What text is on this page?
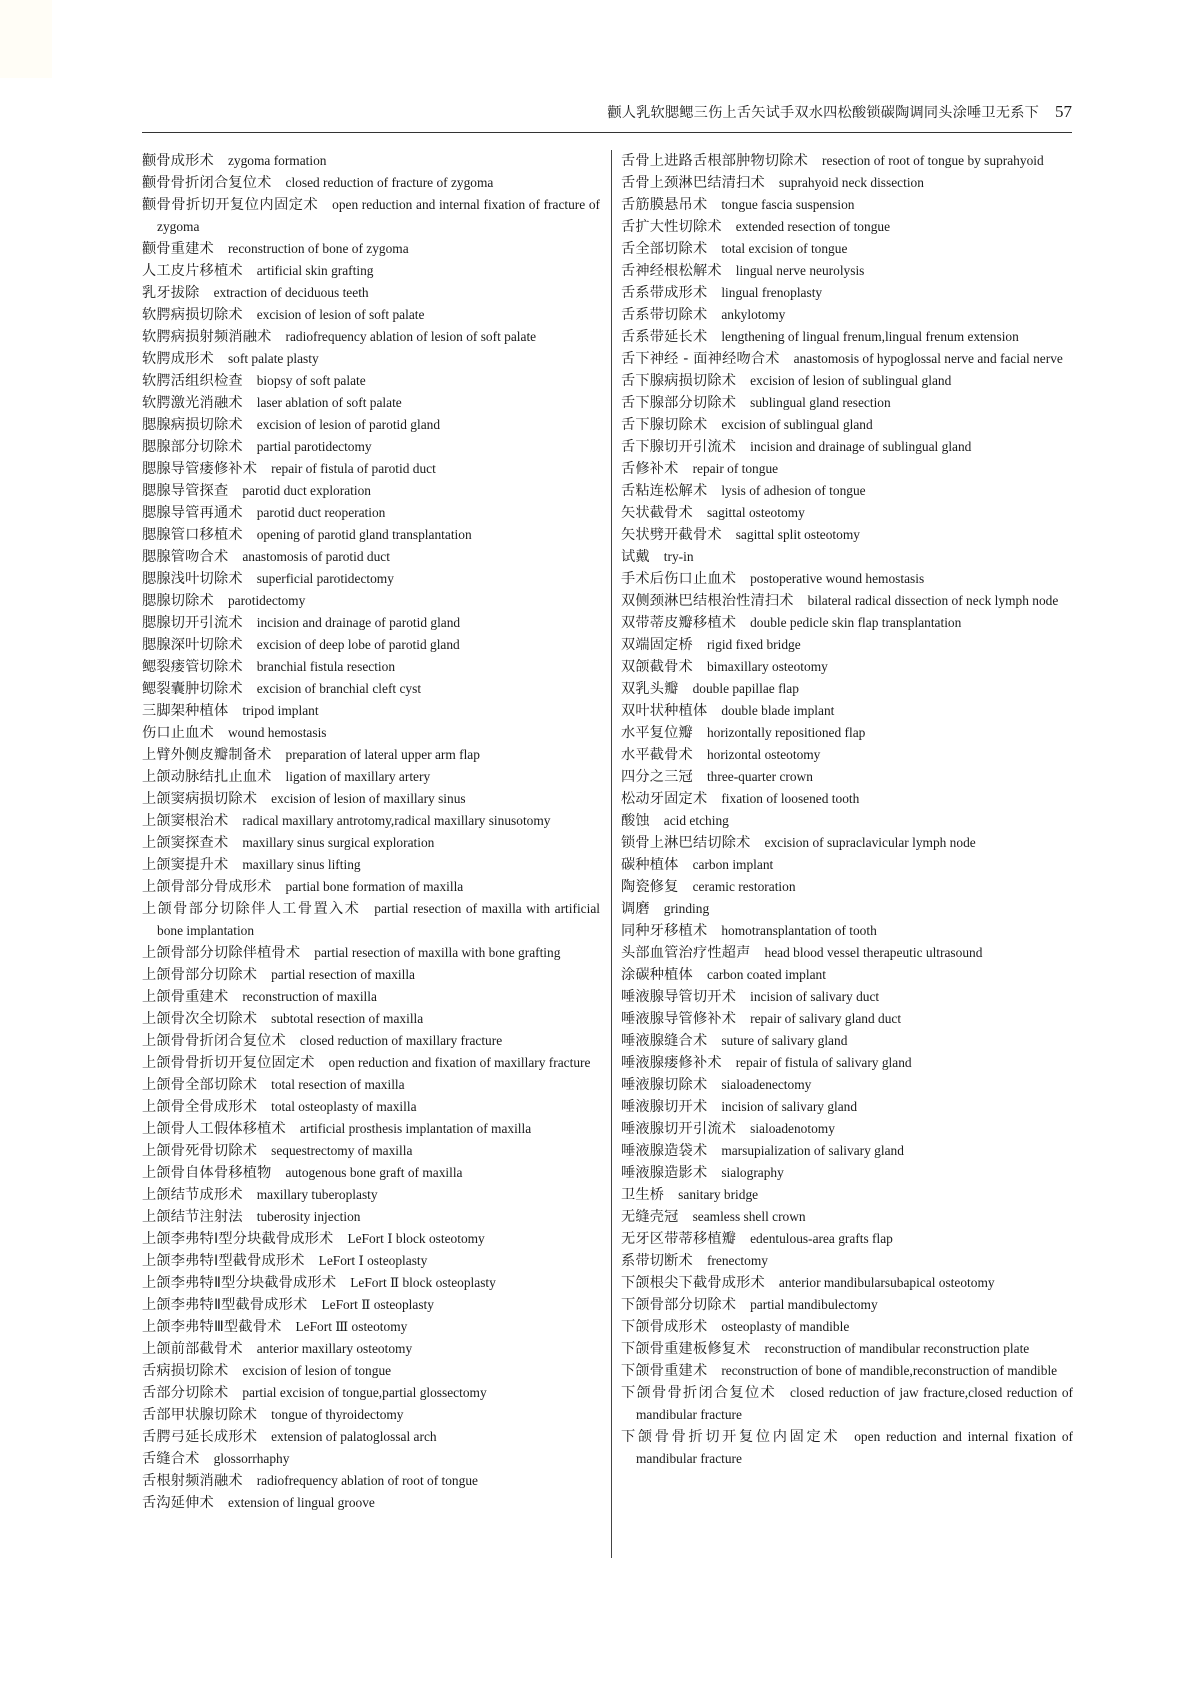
颧人乳软腮鳃三伤上舌矢试手双水四松酸锁碳陶调同头涂唾卫无系下 57

颧骨成形术 zygoma formation

颧骨骨折闭合复位术 closed reduction of fracture of zygoma

颧骨骨折切开复位内固定术 open reduction and internal fixation of fracture of zygoma

颧骨重建术 reconstruction of bone of zygoma

人工皮片移植术 artificial skin grafting

乳牙拔除 extraction of deciduous teeth

软腭病损切除术 excision of lesion of soft palate

软腭病损射频消融术 radiofrequency ablation of lesion of soft palate

软腭成形术 soft palate plasty

软腭活组织检查 biopsy of soft palate

软腭激光消融术 laser ablation of soft palate

腮腺病损切除术 excision of lesion of parotid gland

腮腺部分切除术 partial parotidectomy

腮腺导管瘘修补术 repair of fistula of parotid duct

腮腺导管探查 parotid duct exploration

腮腺导管再通术 parotid duct reoperation

腮腺管口移植术 opening of parotid gland transplantation

腮腺管吻合术 anastomosis of parotid duct

腮腺浅叶切除术 superficial parotidectomy

腮腺切除术 parotidectomy

腮腺切开引流术 incision and drainage of parotid gland

腮腺深叶切除术 excision of deep lobe of parotid gland

鳃裂瘘管切除术 branchial fistula resection

鳃裂囊肿切除术 excision of branchial cleft cyst

三脚架种植体 tripod implant

伤口止血术 wound hemostasis

上臂外侧皮瓣制备术 preparation of lateral upper arm flap

上颌动脉结扎止血术 ligation of maxillary artery

上颌窦病损切除术 excision of lesion of maxillary sinus

上颌窦根治术 radical maxillary antrotomy,radical maxillary sinusotomy

上颌窦探查术 maxillary sinus surgical exploration

上颌窦提升术 maxillary sinus lifting

上颌骨部分骨成形术 partial bone formation of maxilla

上颌骨部分切除伴人工骨置入术 partial resection of maxilla with artificial bone implantation

上颌骨部分切除伴植骨术 partial resection of maxilla with bone grafting

上颌骨部分切除术 partial resection of maxilla

上颌骨重建术 reconstruction of maxilla

上颌骨次全切除术 subtotal resection of maxilla

上颌骨骨折闭合复位术 closed reduction of maxillary fracture

上颌骨骨折切开复位固定术 open reduction and fixation of maxillary fracture

上颌骨全部切除术 total resection of maxilla

上颌骨全骨成形术 total osteoplasty of maxilla

上颌骨人工假体移植术 artificial prosthesis implantation of maxilla

上颌骨死骨切除术 sequestrectomy of maxilla

上颌骨自体骨移植物 autogenous bone graft of maxilla

上颌结节成形术 maxillary tuberoplasty

上颌结节注射法 tuberosity injection

上颌李弗特Ⅰ型分块截骨成形术 LeFort Ⅰ block osteotomy

上颌李弗特Ⅰ型截骨成形术 LeFort Ⅰ osteoplasty

上颌李弗特Ⅱ型分块截骨成形术 LeFort Ⅱ block osteoplasty

上颌李弗特Ⅱ型截骨成形术 LeFort Ⅱ osteoplasty

上颌李弗特Ⅲ型截骨术 LeFort Ⅲ osteotomy

上颌前部截骨术 anterior maxillary osteotomy

舌病损切除术 excision of lesion of tongue

舌部分切除术 partial excision of tongue,partial glossectomy

舌部甲状腺切除术 tongue of thyroidectomy

舌腭弓延长成形术 extension of palatoglossal arch

舌缝合术 glossorrhaphy

舌根射频消融术 radiofrequency ablation of root of tongue

舌沟延伸术 extension of lingual groove

舌骨上进路舌根部肿物切除术 resection of root of tongue by suprahyoid

舌骨上颈淋巴结清扫术 suprahyoid neck dissection

舌筋膜悬吊术 tongue fascia suspension

舌扩大性切除术 extended resection of tongue

舌全部切除术 total excision of tongue

舌神经根松解术 lingual nerve neurolysis

舌系带成形术 lingual frenoplasty

舌系带切除术 ankylotomy

舌系带延长术 lengthening of lingual frenum,lingual frenum extension

舌下神经 - 面神经吻合术 anastomosis of hypoglossal nerve and facial nerve

舌下腺病损切除术 excision of lesion of sublingual gland

舌下腺部分切除术 sublingual gland resection

舌下腺切除术 excision of sublingual gland

舌下腺切开引流术 incision and drainage of sublingual gland

舌修补术 repair of tongue

舌粘连松解术 lysis of adhesion of tongue

矢状截骨术 sagittal osteotomy

矢状劈开截骨术 sagittal split osteotomy

试戴 try-in

手术后伤口止血术 postoperative wound hemostasis

双侧颈淋巴结根治性清扫术 bilateral radical dissection of neck lymph node

双带蒂皮瓣移植术 double pedicle skin flap transplantation

双端固定桥 rigid fixed bridge

双颌截骨术 bimaxillary osteotomy

双乳头瓣 double papillae flap

双叶状种植体 double blade implant

水平复位瓣 horizontally repositioned flap

水平截骨术 horizontal osteotomy

四分之三冠 three-quarter crown

松动牙固定术 fixation of loosened tooth

酸蚀 acid etching

锁骨上淋巴结切除术 excision of supraclavicular lymph node

碳种植体 carbon implant

陶瓷修复 ceramic restoration

调磨 grinding

同种牙移植术 homotransplantation of tooth

头部血管治疗性超声 head blood vessel therapeutic ultrasound

涂碳种植体 carbon coated implant

唾液腺导管切开术 incision of salivary duct

唾液腺导管修补术 repair of salivary gland duct

唾液腺缝合术 suture of salivary gland

唾液腺瘘修补术 repair of fistula of salivary gland

唾液腺切除术 sialoadenectomy

唾液腺切开术 incision of salivary gland

唾液腺切开引流术 sialoadenotomy

唾液腺造袋术 marsupialization of salivary gland

唾液腺造影术 sialography

卫生桥 sanitary bridge

无缝壳冠 seamless shell crown

无牙区带蒂移植瓣 edentulous-area grafts flap

系带切断术 frenectomy

下颌根尖下截骨成形术 anterior mandibularsubapical osteotomy

下颌骨部分切除术 partial mandibulectomy

下颌骨成形术 osteoplasty of mandible

下颌骨重建板修复术 reconstruction of mandibular reconstruction plate

下颌骨重建术 reconstruction of bone of mandible,reconstruction of mandible

下颌骨骨折闭合复位术 closed reduction of jaw fracture,closed reduction of mandibular fracture

下颌骨骨折切开复位内固定术 open reduction and internal fixation of mandibular fracture
